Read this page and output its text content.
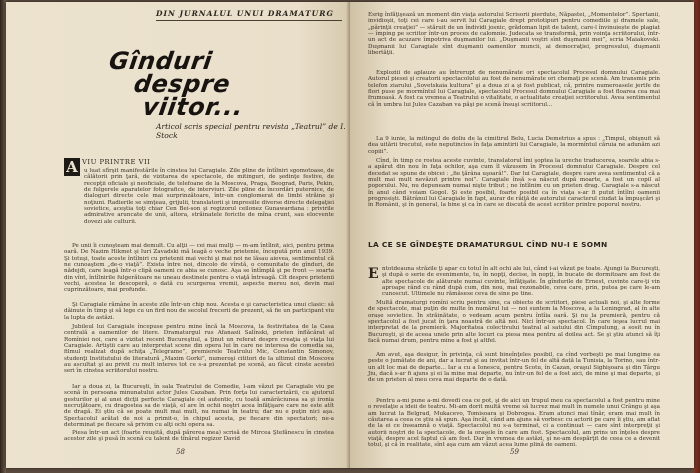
DIN JURNALUL UNUI DRAMATURG
Gînduri
despre
viitor...
Articol scris special pentru revista „Teatrul” de I. Stock
A VIU PRINTRE VII
u luat sfîrşit manifestările în cinstea lui Caragiale. Zile pline de întîlniri sgomotoase, de călătorii prin ţară, de vizitarea de spectacole, de mitinguri, de şedinţe festive, de recepţii oficiale şi neoficiale, de telefoane de la Moscova, Praga, Beograd, Paris, Pekin, de fulgerele aparatelor fotografice, de interviuri. Zile pline de încordări puternice, de dialoguri directe cele mai surprinzătoare, într-un conglomerat de limbi străine şi noţiuni. Radierile se simţeau, grijulii, translatorii şi impresiile diverse directe delegaţiei sovietice, aceştia toţi chiar Cen Bei-son şi regizorul ceilonez Gunawardana : privirile admirative aruncate de unii, altora, străinatele fericite de mîna crunt, sau elocvente dovezi ale culturii.
Pe unii îi cunoşteam mai demult. Cu alţii — cei mai mulţi — m-am întîlnit, aici, pentru prima oară. De Nazim Hikmet şi Iuri Zavadski mă leagă o veche prietenie, începută prin anul 1939. Şi totuşi, toate aceste întîlniri cu prietenii mai vechi şi mai noi ne lăsau aievea, sentimentul că ne cunoaştem „de-o viaţă”. Exista între noi, dincolo de vîrstă, o comunitate de gînduri, de nădejdi, care leagă într-o clipă oameni ce abia se cunosc. Aşa se întîmplă şi pe front — soarta din vînt, întîlnirile fulgerătoare ne uneau destinele pentru o viaţă întreagă. Cît despre prietenii vechi, acestea le descoperă, o dată cu scurgerea vremii, aspecte mereu noi, devin mai cuprinzătoare, mai profunde.
Şi Caragiale rămâne în aceste zile într-un chip nou. Acesta e şi caracteristica unui clasic: să dăinuie în timp şi să lege cu un fird nou de secolul frecerii de prezent, să fie un participant viu la lupta de astăzi.
Jubileul lui Caragiale începuse pentru mine încă la Moscova, la festivitatea de la Casa centrală a oamenilor de litere. Dramaturgul rus Afanasii Salînski, prieten înflăcărat al Romîniei noi, care a vizitat recent Bucureştiul, a ţinut un referat despre creaţia şi viaţa lui Caragiale. Artiştii care au interpretat scene din opera lui în care ne interesa de comedia sa, filmul realizat după schiţa „Telegrame”, premierele Teatrului Mic, Constantin Simonov, studenţi Institutului de literatură „Maxim Gorki”, numeroşi cititori de la ultimul din Moscova au ascultat şi au privit cu mult interes tot ce s-a prezentat pe scenă, au făcut cinste acestei seri în cinstea scriitorului nostru.
Iar a doua zi, la Bucureşti, în sala Teatrului de Comedie, l-am văzut pe Caragiale viu pe scenă în persoana minunatului actor Jules Cazaban. Prin forţa lui caracterizării, cu ajutorul gesturilor şi al unei dicţii perfecte Caragiale cel autentic, cu toată amărăciunea sa şi ironia necruţătoare, cu dragostea sa de viaţă, el are în ochii noştri acea înfăţişare care ne este atît de dragă. Ei ştiu că se poate mult mai mult, nu numai în teatru; dar nu e puţin nici aşa. Spectacolul arătat de noi a primit-o, în chipul acesta, pe fiecare din spectatori; ne-a determinat pe fiecare să privim cu alţi ochi opera sa.
Piesa într-un act (foarte reuşită, după părerea mea) scrisă de Mircea Ştefănescu în cinstea acestor zile şi pusă în scenă cu talent de tînărul regizor David
58
Esrig înfăţişează un moment din viaţa autorului Scrisorii pierdute, Năpastei, „Momentelor”. Spertanii, invidioşii, toţi cei care i-au servit lui Caragiale drept prototipuri pentru comediile şi dramele sale, „părinţii creaţiei” — stăruit de un îndividi josnic, grădoman lipit de talent, care-l învinuiește de plagiat — împing pe scriitor într-un proces de calomnie. Judecata se transformă, prin voinţa scriitorului, într-un act de acuzare împotriva duşmanilor lui. „Duşmanii voştri sînt duşmanii mei”, scria Maiakovski. Duşmanii lui Caragiale sînt duşmanii oamenilor muncii, ai democraţiei, progresului, duşmanii libertăţii.
Exploziii de aplauze au întrerupt de nenumărate ori spectacolul Procesul domnului Caragiale. Autorul piesei şi creatorii spectacolului au fost de nenumărate ori chemaţi pe scenă. Am transmis prin telefon ziarului „Sovetskaia kultura” şi a doua zi a şi fost publicat, că, printre numeroasele jertfe de flori puse pe mormîntul lui Caragiale, spectacolul Procesul domnului Caragiale a fost floarea cea mai frumoasă. A fost ca vremea a Teatrului o vitalitate, o actualitate creaţiei scriitorului. Avea sentimentul că în umbra lui Jules Cazaban va păşi pe scenă însuşi scriitorul...
La 9 iunie, la mitingul de doliu de la cimitirul Belu, Lucia Demetrius a spus : „Timpul, obişnuit să dea uitării trecutul, este neputincios în faţa amintirii lui Caragiale, la mormîntul căruia ne adunăm azi copiii”.
Cînd, în timp ce rostea aceste cuvinte, translatorul îmi şoptea la ureche traducerea, soarele abia s-a apărut din nou în faţa ochilor, aşa cum îl văzusem în Procesul domnului Caragiale. Despre cel decedat se spune de obicei : „fie ţărâna uşoară!”. Dar lui Caragiale, despre care avea sentimentul că a mult mai mult nevăzut printre noi”. Caragiale însă s-a născut după moarte, a fost un copil al poporului. Nu, nu depuneam numai nişte tribut ; ne întîlnim cu un prieten drag. Caragiale s-a născut în anul când voiam Gogol. Şi este posibil, foarte posibil ca în viaţa s-ar fi putut întîlni oamenii progresişti. Bătrânul lui Caragiale în fapt, aurar de răiţă de autorului caracterul ciudat la împuşcări şi în Românii, şi în general, la bine şi ca în care se discută de acest scriitor printre poporul nostru.
LA CE SE GÎNDEŞTE DRAMATURGUL CÎND NU-I E SOMN
E ntotdeauna străzile ţi apar cu totul în alt ochi ale lui, când i-ai văzut pe toate. Ajungi la Bucureşti, şi după o serie de evenimente, tu, în nopţi, decise, în nopţi, în bucate de dormitoare am fost de alte spectacole de alăturate numai cuvinte, înfăţişate. În gîndurile de Ernest, cuvinte care-ţi vin aproape rând cu rând după cum, din nou, mai rezonabile, ceva care, prin, putea pe care le-am cunoscut. Ultimele nu rămăsese ceva de sine pe tine.
Multă dramaturgi romîni scriu pentru sine, ca obiecte de scriitori, piese actuali noi, şi alte forme de spectacole, mai puţin de multe în numărul lui — noi suntem la Moscova, a la Leningrad, al în alte orașe sovietice. În străinătate, o vedeam acum pentru întîia oară. Şi nu la premieră, pentru că spectacolul a fost jucat în ţara noastră de altă noi. Nici într-un spectacol. În care ieşea lucrul mai interpretat de la premieră. Majoritatea colectivului teatral al satului din Cîmpulung, a sosit nu în Bucureşti, şi de aceea unele prin alte locuri ca piesa mea pentru al doilea act. Se şi ştiu atunci să îţi facă numai drum, pentru mine a fost şi altfel.
Am avut, aşa desigur, în privinţa, că sunt bineînţeles posibil, ca cînd vorbeşti pe mai lungime ea peste o jumătate de ani, dar a lucrat şi au invitat într-un fel de altă dată la Tunisia, la Torino, sau într-un alt loc mai de departe... Iar a cu a Ionescu, pentru Scotu, în Cazan, oraşul Sighişoara şi din Târgu Jiu, dacă s-ar fi ajuns şi ei la mine mai departe, nu într-un fel de a fost aici, de mine şi mai departe, şi de un prieten al meu ceva mai departe de o dată.
Pentru a-mi pune a-mi dovedi cea ce pot, şi de aici un trupul meu ca spectacolul a fost pentru mine o revelaţie a ideii de teatru. Mi-am dorit multă vreme să lucrez mai mult în numele unui Crângu şi aşa am lucrat la Belgrad, Mukacevo, Tomisoara şi Dobrogea. Eram atunci mai tînăr, eram mai mult în căutarea a ceea ce ştiu să spun. Aşa încât, când am ajuns să vorbesc cu actorii pe care îi ştiu, am aflat de la ei ce înseamnă o viaţă. Spectacolul nu s-a terminat, ci a continuat — care sînt interpreţii şi autorii noştri de la spectacole, de la oraşele în care am fost. Spectacolul, am prins un înţeles despre viaţă, despre acel faptul că am fost. Dar în vremea de astăzi, şi ne-am despărţit de ceea ce a devenit totul, şi că în realitate, sînt aşa cum am văzut acea lume plină de oameni.
59
